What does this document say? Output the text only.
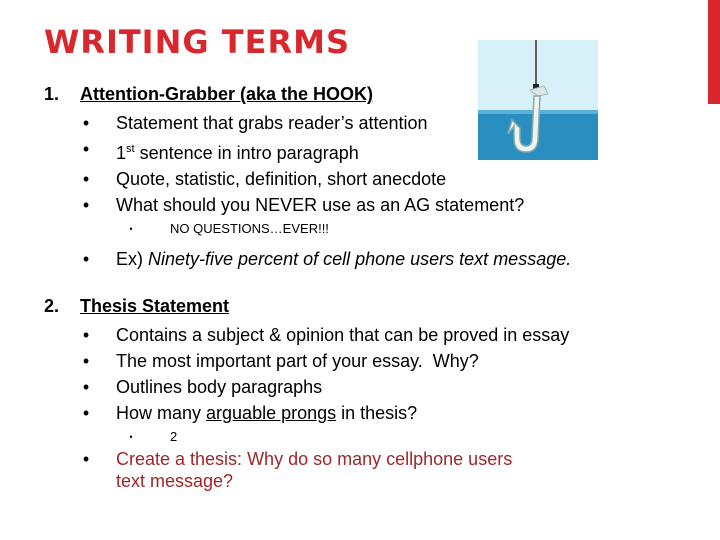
WRITING TERMS
1.	Attention-Grabber (aka the HOOK)
•	Statement that grabs reader’s attention
•	1st sentence in intro paragraph
•	Quote, statistic, definition, short anecdote
•	What should you NEVER use as an AG statement?
•	NO QUESTIONS…EVER!!!
•	Ex) Ninety-five percent of cell phone users text message.
2.	Thesis Statement
•	Contains a subject & opinion that can be proved in essay
•	The most important part of your essay.  Why?
•	Outlines body paragraphs
•	How many arguable prongs in thesis?
•	2
•	Create a thesis: Why do so many cellphone users text message?
